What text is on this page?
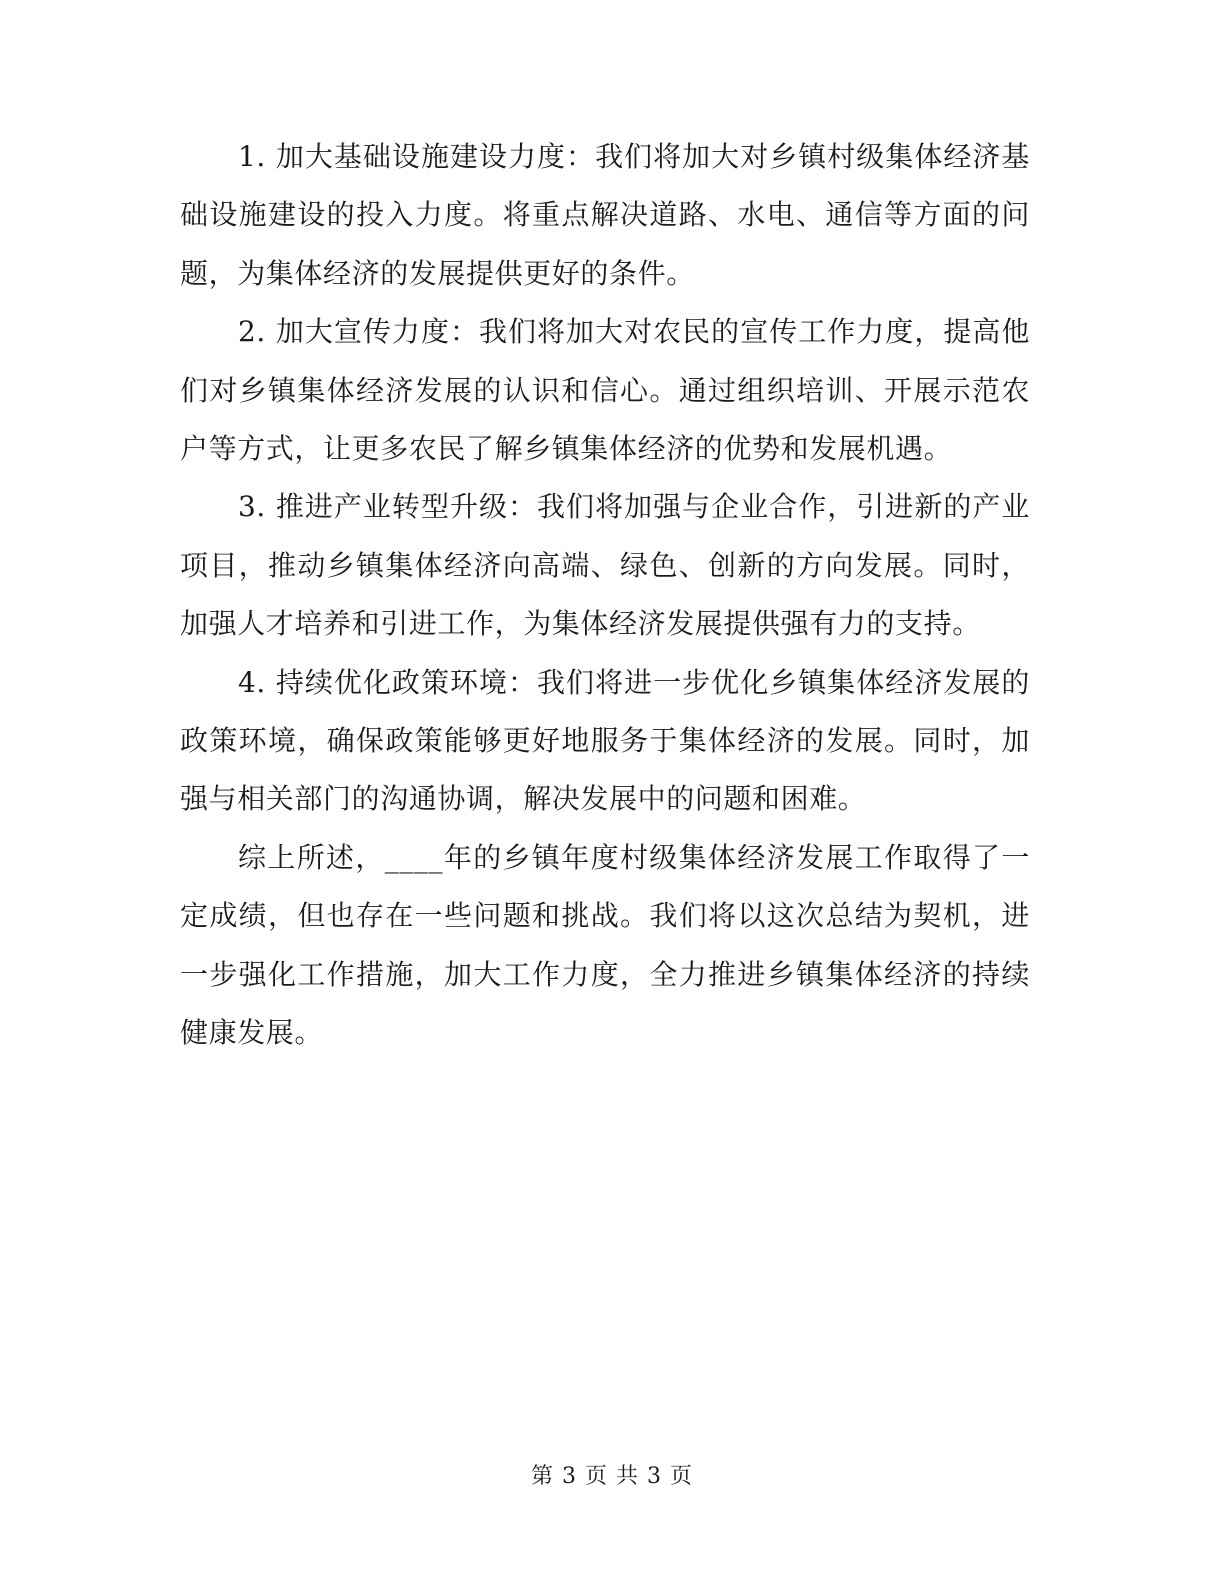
1. 加大基础设施建设力度：我们将加大对乡镇村级集体经济基础设施建设的投入力度。将重点解决道路、水电、通信等方面的问题，为集体经济的发展提供更好的条件。

2. 加大宣传力度：我们将加大对农民的宣传工作力度，提高他们对乡镇集体经济发展的认识和信心。通过组织培训、开展示范农户等方式，让更多农民了解乡镇集体经济的优势和发展机遇。

3. 推进产业转型升级：我们将加强与企业合作，引进新的产业项目，推动乡镇集体经济向高端、绿色、创新的方向发展。同时，加强人才培养和引进工作，为集体经济发展提供强有力的支持。

4. 持续优化政策环境：我们将进一步优化乡镇集体经济发展的政策环境，确保政策能够更好地服务于集体经济的发展。同时，加强与相关部门的沟通协调，解决发展中的问题和困难。

综上所述，____年的乡镇年度村级集体经济发展工作取得了一定成绩，但也存在一些问题和挑战。我们将以这次总结为契机，进一步强化工作措施，加大工作力度，全力推进乡镇集体经济的持续健康发展。

第 3 页 共 3 页
